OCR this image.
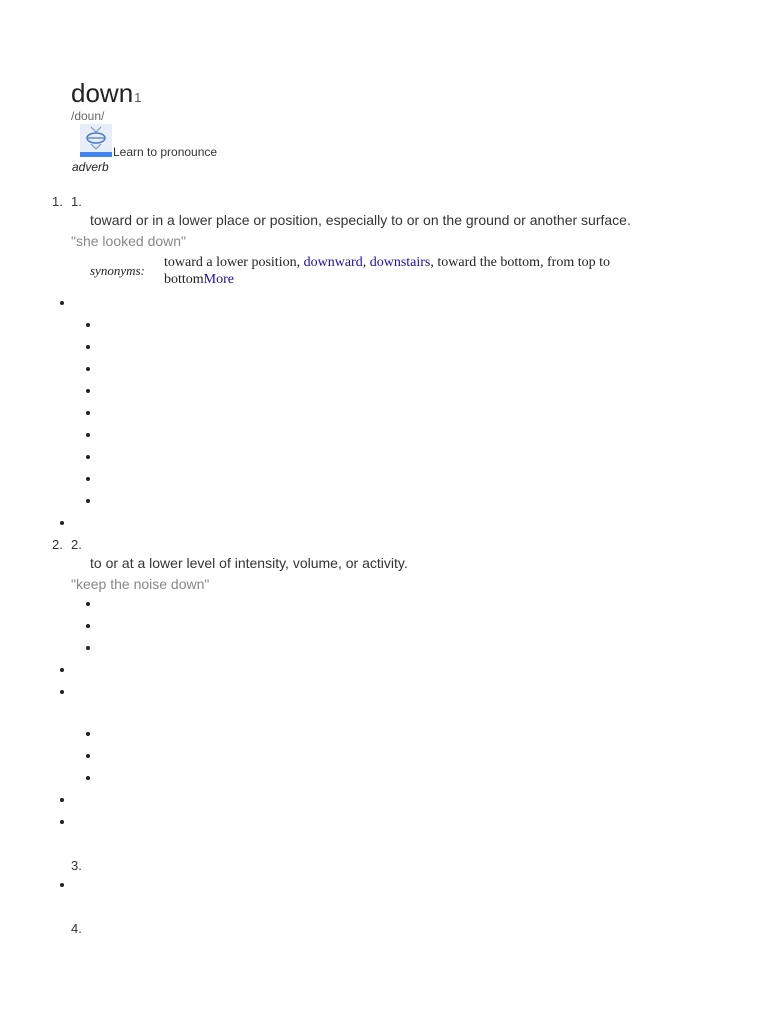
down1
/doun/
Learn to pronounce
adverb
1. 1.
toward or in a lower place or position, especially to or on the ground or another surface.
"she looked down"
synonyms:
toward a lower position, downward, downstairs, toward the bottom, from top to bottomMore
2. 2.
to or at a lower level of intensity, volume, or activity.
"keep the noise down"
3.
4.
